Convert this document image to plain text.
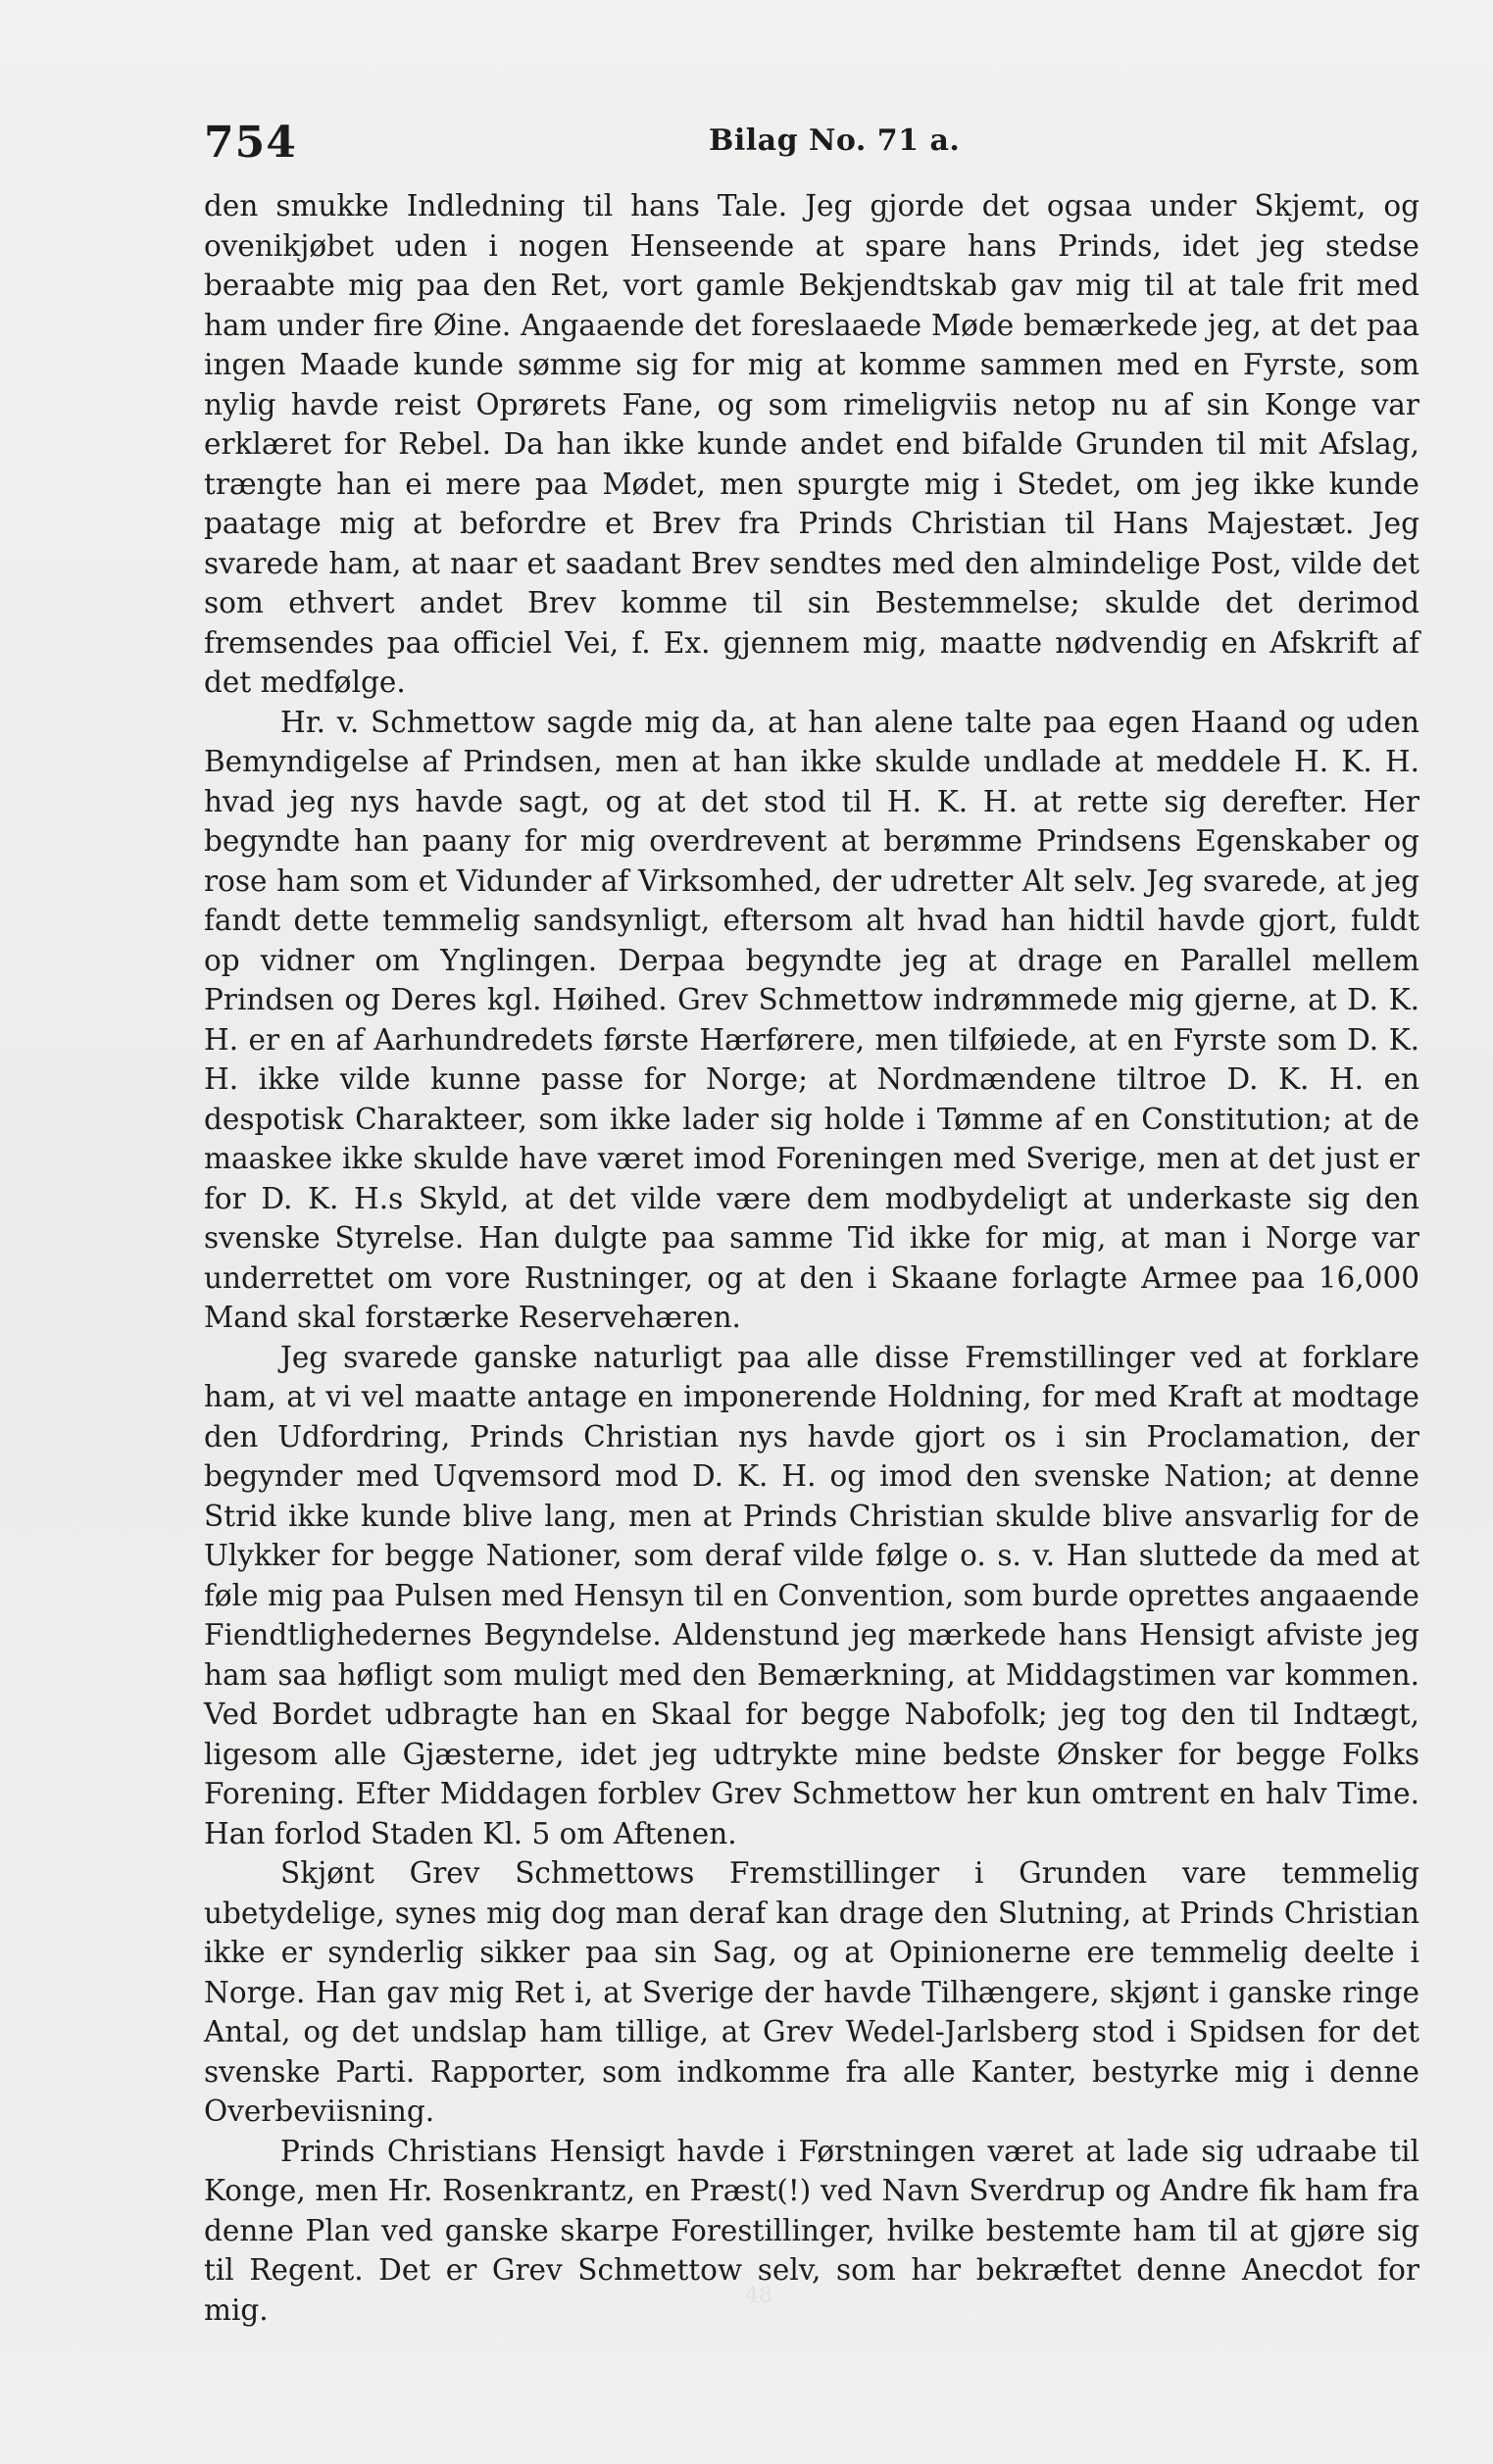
754	Bilag No. 71 a.

den smukke Indledning til hans Tale. Jeg gjorde det ogsaa under Skjemt, og ovenikjøbet uden i nogen Henseende at spare hans Prinds, idet jeg stedse beraabte mig paa den Ret, vort gamle Bekjendtskab gav mig til at tale frit med ham under fire Øine. Angaaende det foreslaaede Møde bemærkede jeg, at det paa ingen Maade kunde sømme sig for mig at komme sammen med en Fyrste, som nylig havde reist Oprørets Fane, og som rimeligviis netop nu af sin Konge var erklæret for Rebel. Da han ikke kunde andet end bifalde Grunden til mit Afslag, trængte han ei mere paa Mødet, men spurgte mig i Stedet, om jeg ikke kunde paatage mig at befordre et Brev fra Prinds Christian til Hans Majestæt. Jeg svarede ham, at naar et saadant Brev sendtes med den almindelige Post, vilde det som ethvert andet Brev komme til sin Bestemmelse; skulde det derimod fremsendes paa officiel Vei, f. Ex. gjennem mig, maatte nødvendig en Afskrift af det medfølge.

Hr. v. Schmettow sagde mig da, at han alene talte paa egen Haand og uden Bemyndigelse af Prindsen, men at han ikke skulde undlade at meddele H. K. H. hvad jeg nys havde sagt, og at det stod til H. K. H. at rette sig derefter. Her begyndte han paany for mig overdrevent at berømme Prindsens Egenskaber og rose ham som et Vidunder af Virksomhed, der udretter Alt selv. Jeg svarede, at jeg fandt dette temmelig sandsynligt, eftersom alt hvad han hidtil havde gjort, fuldt op vidner om Ynglingen. Derpaa begyndte jeg at drage en Parallel mellem Prindsen og Deres kgl. Høihed. Grev Schmettow indrømmede mig gjerne, at D. K. H. er en af Aarhundredets første Hærførere, men tilføiede, at en Fyrste som D. K. H. ikke vilde kunne passe for Norge; at Nordmændene tiltroe D. K. H. en despotisk Charakteer, som ikke lader sig holde i Tømme af en Constitution; at de maaskee ikke skulde have været imod Foreningen med Sverige, men at det just er for D. K. H.s Skyld, at det vilde være dem modbydeligt at underkaste sig den svenske Styrelse. Han dulgte paa samme Tid ikke for mig, at man i Norge var underrettet om vore Rustninger, og at den i Skaane forlagte Armee paa 16,000 Mand skal forstærke Reservehæren.

Jeg svarede ganske naturligt paa alle disse Fremstillinger ved at forklare ham, at vi vel maatte antage en imponerende Holdning, for med Kraft at modtage den Udfordring, Prinds Christian nys havde gjort os i sin Proclamation, der begynder med Uqvemsord mod D. K. H. og imod den svenske Nation; at denne Strid ikke kunde blive lang, men at Prinds Christian skulde blive ansvarlig for de Ulykker for begge Nationer, som deraf vilde følge o. s. v. Han sluttede da med at føle mig paa Pulsen med Hensyn til en Convention, som burde oprettes angaaende Fiendtlighedernes Begyndelse. Aldenstund jeg mærkede hans Hensigt afviste jeg ham saa høfligt som muligt med den Bemærkning, at Middagstimen var kommen. Ved Bordet udbragte han en Skaal for begge Nabofolk; jeg tog den til Indtægt, ligesom alle Gjæsterne, idet jeg udtrykte mine bedste Ønsker for begge Folks Forening. Efter Middagen forblev Grev Schmettow her kun omtrent en halv Time. Han forlod Staden Kl. 5 om Aftenen.

Skjønt Grev Schmettows Fremstillinger i Grunden vare temmelig ubetydelige, synes mig dog man deraf kan drage den Slutning, at Prinds Christian ikke er synderlig sikker paa sin Sag, og at Opinionerne ere temmelig deelte i Norge. Han gav mig Ret i, at Sverige der havde Tilhængere, skjønt i ganske ringe Antal, og det undslap ham tillige, at Grev Wedel-Jarlsberg stod i Spidsen for det svenske Parti. Rapporter, som indkomme fra alle Kanter, bestyrke mig i denne Overbeviisning.

Prinds Christians Hensigt havde i Førstningen været at lade sig udraabe til Konge, men Hr. Rosenkrantz, en Præst(!) ved Navn Sverdrup og Andre fik ham fra denne Plan ved ganske skarpe Forestillinger, hvilke bestemte ham til at gjøre sig til Regent. Det er Grev Schmettow selv, som har bekræftet denne Anecdot for mig.	48
